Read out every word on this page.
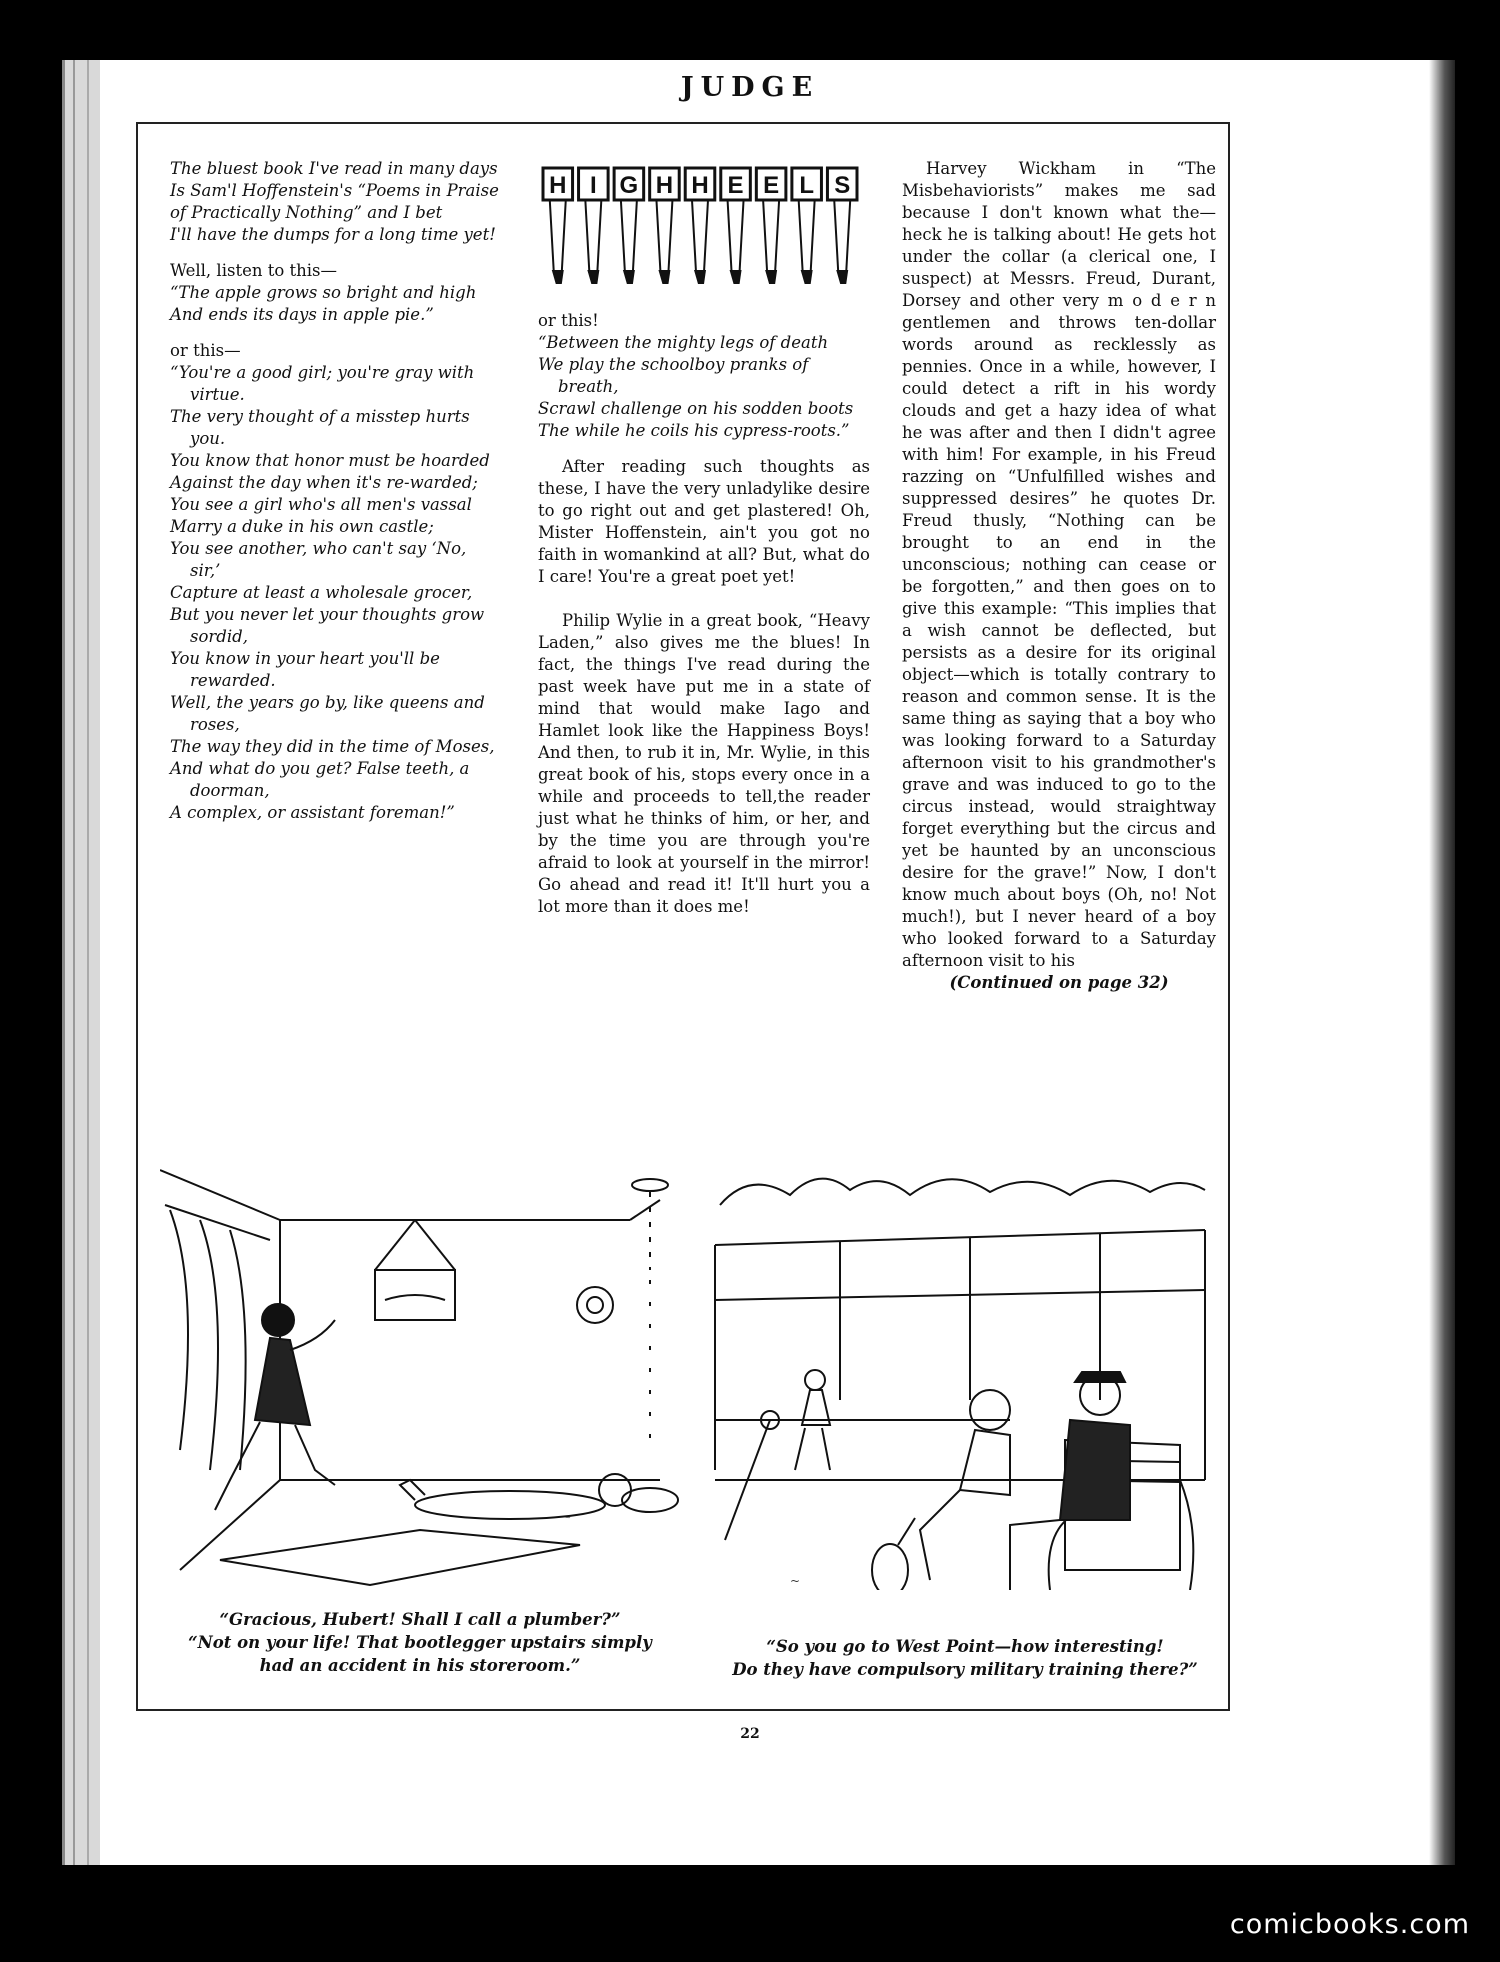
JUDGE
H I G H H E E L S
The bluest book I've read in many days
Is Sam'l Hoffenstein's “Poems in Praise
of Practically Nothing” and I bet
I'll have the dumps for a long time yet!

Well, listen to this—

“The apple grows so bright and high
And ends its days in apple pie.”

or this—

“You're a good girl; you're gray with virtue.
The very thought of a misstep hurts you.
You know that honor must be hoarded
Against the day when it's re-warded;
You see a girl who's all men's vassal
Marry a duke in his own castle;
You see another, who can't say ‘No, sir,’
Capture at least a wholesale grocer,
But you never let your thoughts grow sordid,
You know in your heart you'll be rewarded.
Well, the years go by, like queens and roses,
The way they did in the time of Moses,
And what do you get? False teeth, a doorman,
A complex, or assistant foreman!”

or this!

“Between the mighty legs of death
We play the schoolboy pranks of breath,
Scrawl challenge on his sodden boots
The while he coils his cypress-roots.”

After reading such thoughts as these, I have the very unladylike desire to go right out and get plastered! Oh, Mister Hoffenstein, ain't you got no faith in womankind at all? But, what do I care! You're a great poet yet!

Philip Wylie in a great book, “Heavy Laden,” also gives me the blues! In fact, the things I've read during the past week have put me in a state of mind that would make Iago and Hamlet look like the Happiness Boys! And then, to rub it in, Mr. Wylie, in this great book of his, stops every once in a while and proceeds to tell,the reader just what he thinks of him, or her, and by the time you are through you're afraid to look at yourself in the mirror! Go ahead and read it! It'll hurt you a lot more than it does me!

Harvey Wickham in “The Misbehaviorists” makes me sad because I don't known what the—heck he is talking about! He gets hot under the collar (a clerical one, I suspect) at Messrs. Freud, Durant, Dorsey and other very m o d e r n gentlemen and throws ten-dollar words around as recklessly as pennies. Once in a while, however, I could detect a rift in his wordy clouds and get a hazy idea of what he was after and then I didn't agree with him! For example, in his Freud razzing on “Unfulfilled wishes and suppressed desires” he quotes Dr. Freud thusly, “Nothing can be brought to an end in the unconscious; nothing can cease or be forgotten,” and then goes on to give this example: “This implies that a wish cannot be deflected, but persists as a desire for its original object—which is totally contrary to reason and common sense. It is the same thing as saying that a boy who was looking forward to a Saturday afternoon visit to his grandmother's grave and was induced to go to the circus instead, would straightway forget everything but the circus and yet be haunted by an unconscious desire for the grave!” Now, I don't know much about boys (Oh, no! Not much!), but I never heard of a boy who looked forward to a Saturday afternoon visit to his

(Continued on page 32)

~
~
“Gracious, Hubert! Shall I call a plumber?”
“Not on your life! That bootlegger upstairs simply had an accident in his storeroom.”
“So you go to West Point—how interesting!
Do they have compulsory military training there?”
22
comicbooks.com
